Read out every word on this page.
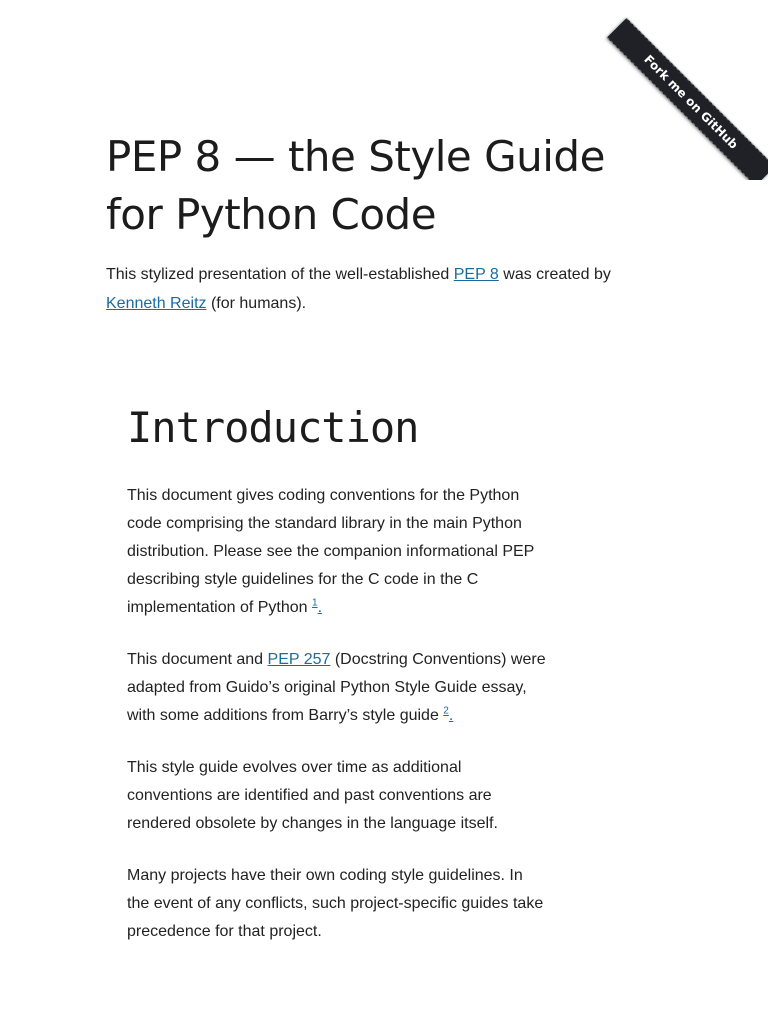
Fork me on GitHub
PEP 8 — the Style Guide for Python Code

This stylized presentation of the well-established PEP 8 was created by Kenneth Reitz (for humans).

Introduction

This document gives coding conventions for the Python code comprising the standard library in the main Python distribution. Please see the companion informational PEP describing style guidelines for the C code in the C implementation of Python $^1$.

This document and PEP 257 (Docstring Conventions) were adapted from Guido’s original Python Style Guide essay, with some additions from Barry’s style guide $^2$.

This style guide evolves over time as additional conventions are identified and past conventions are rendered obsolete by changes in the language itself.

Many projects have their own coding style guidelines. In the event of any conflicts, such project-specific guides take precedence for that project.
